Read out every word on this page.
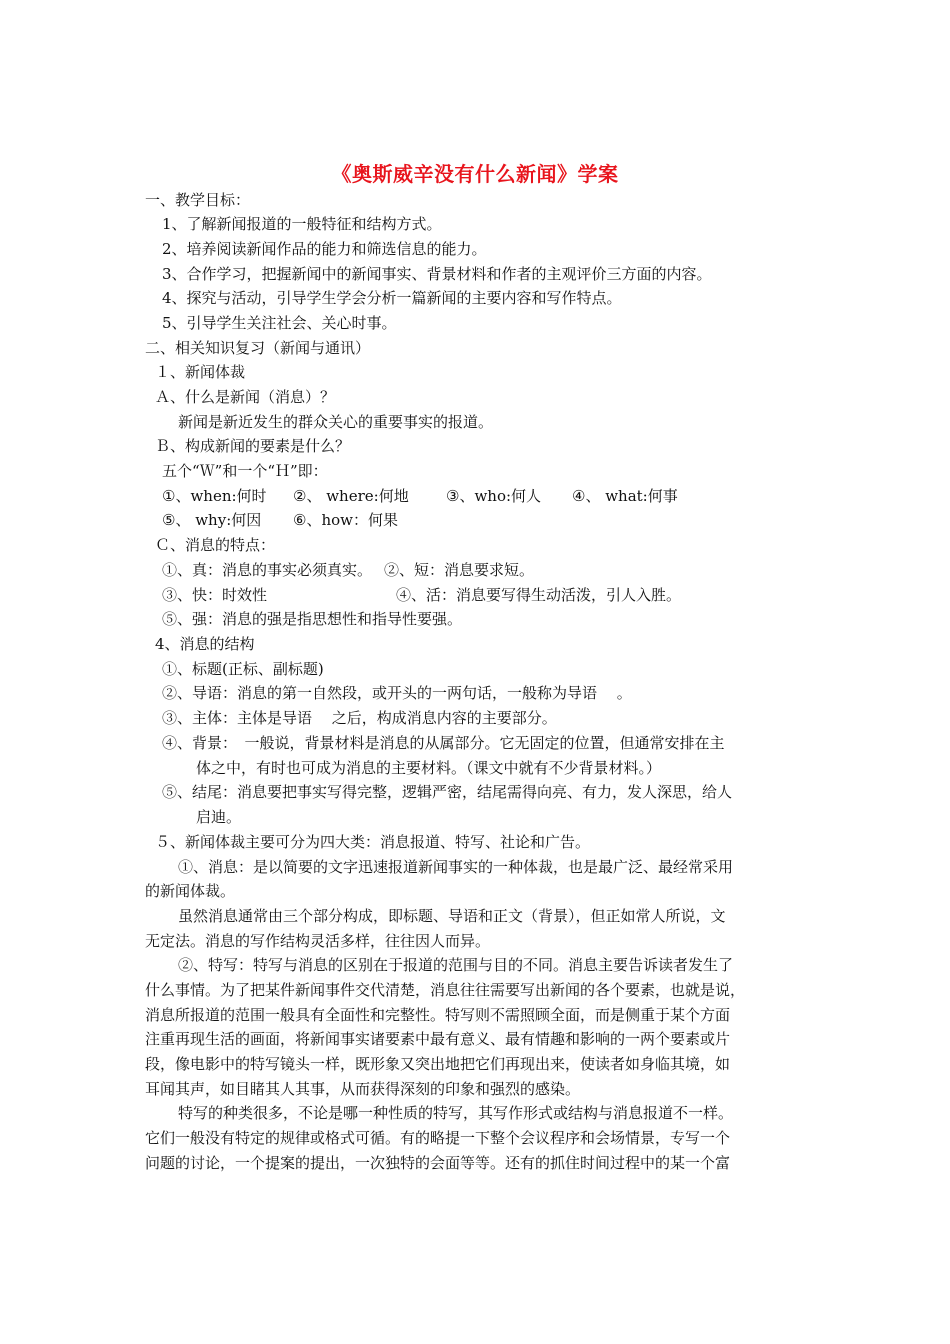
《奥斯威辛没有什么新闻》学案
一、教学目标：
1、了解新闻报道的一般特征和结构方式。
2、培养阅读新闻作品的能力和筛选信息的能力。
3、合作学习，把握新闻中的新闻事实、背景材料和作者的主观评价三方面的内容。
4、探究与活动，引导学生学会分析一篇新闻的主要内容和写作特点。
5、引导学生关注社会、关心时事。
二、相关知识复习（新闻与通讯）
１、新闻体裁
Ａ、什么是新闻（消息）？
新闻是新近发生的群众关心的重要事实的报道。
Ｂ、构成新闻的要素是什么？
五个“Ｗ”和一个“Ｈ”即：
①、when:何时 ②、 where:何地 ③、who:何人 ④、 what:何事
⑤、 why:何因 ⑥、how：何果
Ｃ、消息的特点：
①、真：消息的事实必须真实。 ②、短：消息要求短。
③、快：时效性	④、活：消息要写得生动活泼，引人入胜。
⑤、强：消息的强是指思想性和指导性要强。
4、消息的结构
①、标题(正标、副标题)
②、导语：消息的第一自然段，或开头的一两句话，一般称为导语　 。
③、主体：主体是导语　 之后，构成消息内容的主要部分。
④、背景：　一般说，背景材料是消息的从属部分。它无固定的位置，但通常安排在主
体之中，有时也可成为消息的主要材料。（课文中就有不少背景材料。）
⑤、结尾：消息要把事实写得完整，逻辑严密，结尾需得向亮、有力，发人深思，给人
启迪。
５、新闻体裁主要可分为四大类：消息报道、特写、社论和广告。
①、消息：是以简要的文字迅速报道新闻事实的一种体裁，也是最广泛、最经常采用
的新闻体裁。
虽然消息通常由三个部分构成，即标题、导语和正文（背景），但正如常人所说，文
无定法。消息的写作结构灵活多样，往往因人而异。
②、特写：特写与消息的区别在于报道的范围与目的不同。消息主要告诉读者发生了
什么事情。为了把某件新闻事件交代清楚，消息往往需要写出新闻的各个要素，也就是说，
消息所报道的范围一般具有全面性和完整性。特写则不需照顾全面，而是侧重于某个方面
注重再现生活的画面，将新闻事实诸要素中最有意义、最有情趣和影响的一两个要素或片
段，像电影中的特写镜头一样，既形象又突出地把它们再现出来，使读者如身临其境，如
耳闻其声，如目睹其人其事，从而获得深刻的印象和强烈的感染。
特写的种类很多，不论是哪一种性质的特写，其写作形式或结构与消息报道不一样。
它们一般没有特定的规律或格式可循。有的略提一下整个会议程序和会场情景，专写一个
问题的讨论，一个提案的提出，一次独特的会面等等。还有的抓住时间过程中的某一个富
